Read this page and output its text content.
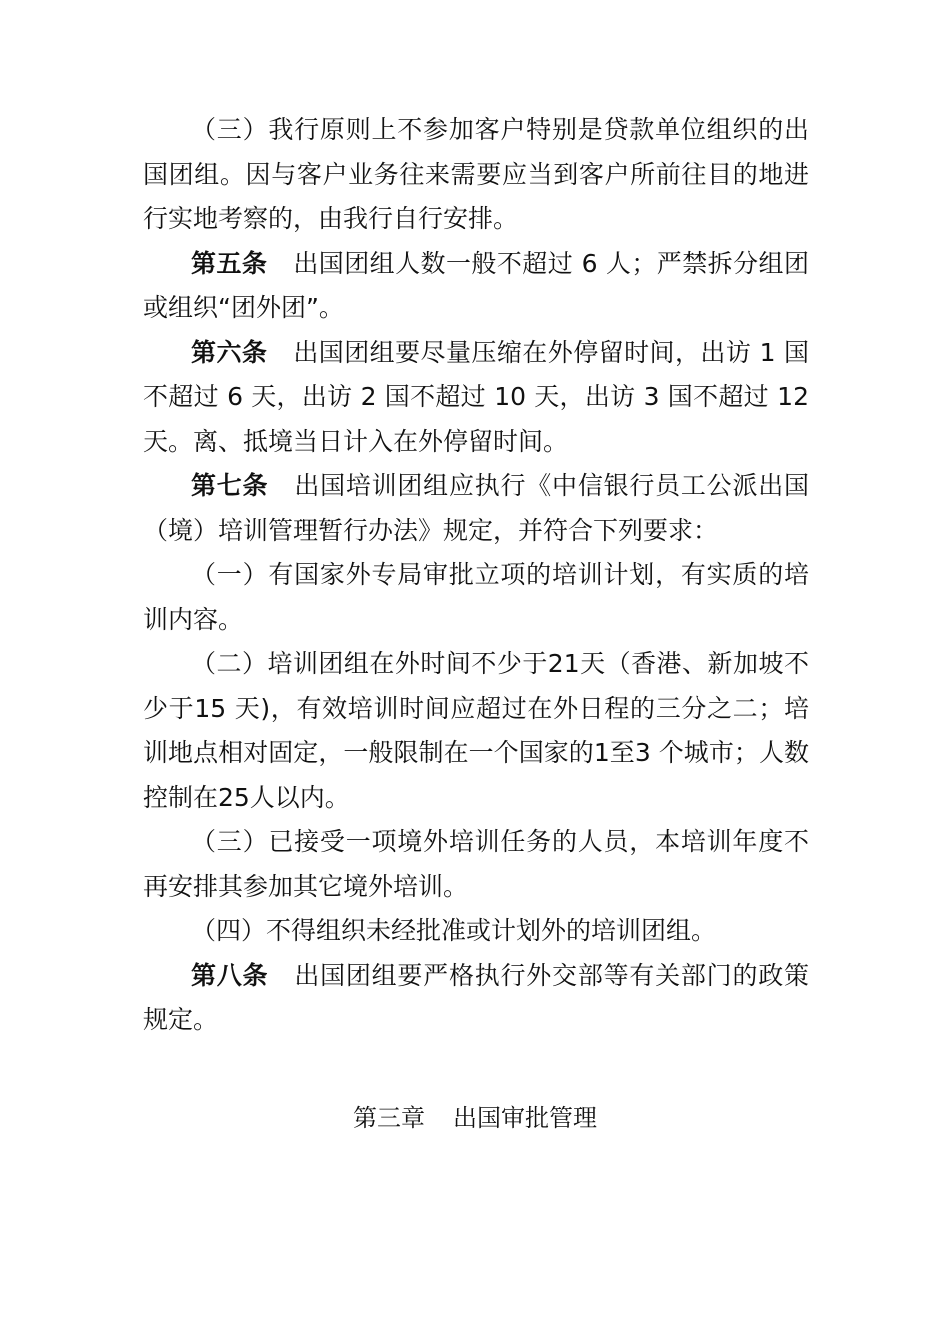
（三）我行原则上不参加客户特别是贷款单位组织的出国团组。因与客户业务往来需要应当到客户所前往目的地进行实地考察的，由我行自行安排。

第五条 出国团组人数一般不超过 6 人；严禁拆分组团或组织“团外团”。

第六条 出国团组要尽量压缩在外停留时间，出访 1 国不超过 6 天，出访 2 国不超过 10 天，出访 3 国不超过 12 天。离、抵境当日计入在外停留时间。

第七条 出国培训团组应执行《中信银行员工公派出国（境）培训管理暂行办法》规定，并符合下列要求：

（一）有国家外专局审批立项的培训计划，有实质的培训内容。

（二）培训团组在外时间不少于21天（香港、新加坡不少于15 天)，有效培训时间应超过在外日程的三分之二；培训地点相对固定，一般限制在一个国家的1至3 个城市；人数控制在25人以内。

（三）已接受一项境外培训任务的人员，本培训年度不再安排其参加其它境外培训。

（四）不得组织未经批准或计划外的培训团组。

第八条 出国团组要严格执行外交部等有关部门的政策规定。

第三章 出国审批管理
